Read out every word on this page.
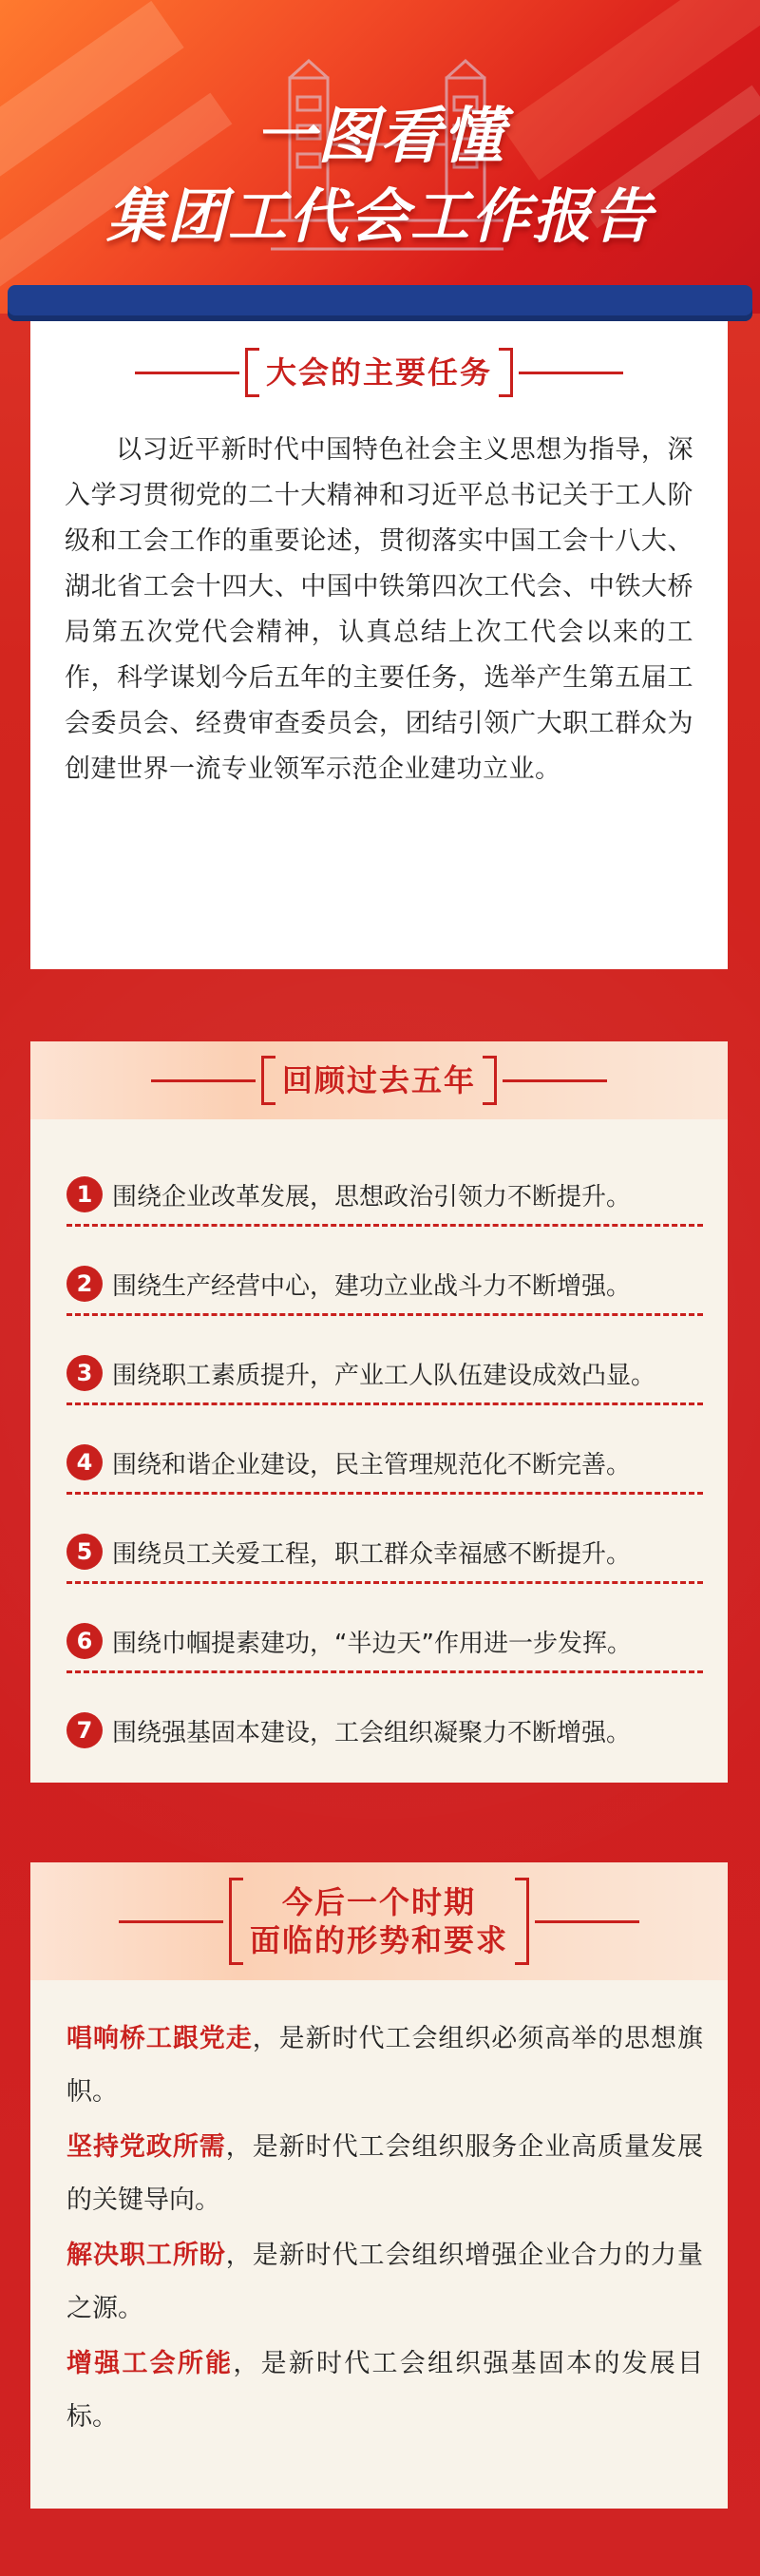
一图看懂
集团工代会工作报告
大会的主要任务
以习近平新时代中国特色社会主义思想为指导，深入学习贯彻党的二十大精神和习近平总书记关于工人阶级和工会工作的重要论述，贯彻落实中国工会十八大、湖北省工会十四大、中国中铁第四次工代会、中铁大桥局第五次党代会精神，认真总结上次工代会以来的工作，科学谋划今后五年的主要任务，选举产生第五届工会委员会、经费审查委员会，团结引领广大职工群众为创建世界一流专业领军示范企业建功立业。
回顾过去五年
1 围绕企业改革发展，思想政治引领力不断提升。
2 围绕生产经营中心，建功立业战斗力不断增强。
3 围绕职工素质提升，产业工人队伍建设成效凸显。
4 围绕和谐企业建设，民主管理规范化不断完善。
5 围绕员工关爱工程，职工群众幸福感不断提升。
6 围绕巾帼提素建功，“半边天”作用进一步发挥。
7 围绕强基固本建设，工会组织凝聚力不断增强。
今后一个时期
面临的形势和要求
唱响桥工跟党走，是新时代工会组织必须高举的思想旗帜。
坚持党政所需，是新时代工会组织服务企业高质量发展的关键导向。
解决职工所盼，是新时代工会组织增强企业合力的力量之源。
增强工会所能，是新时代工会组织强基固本的发展目标。
